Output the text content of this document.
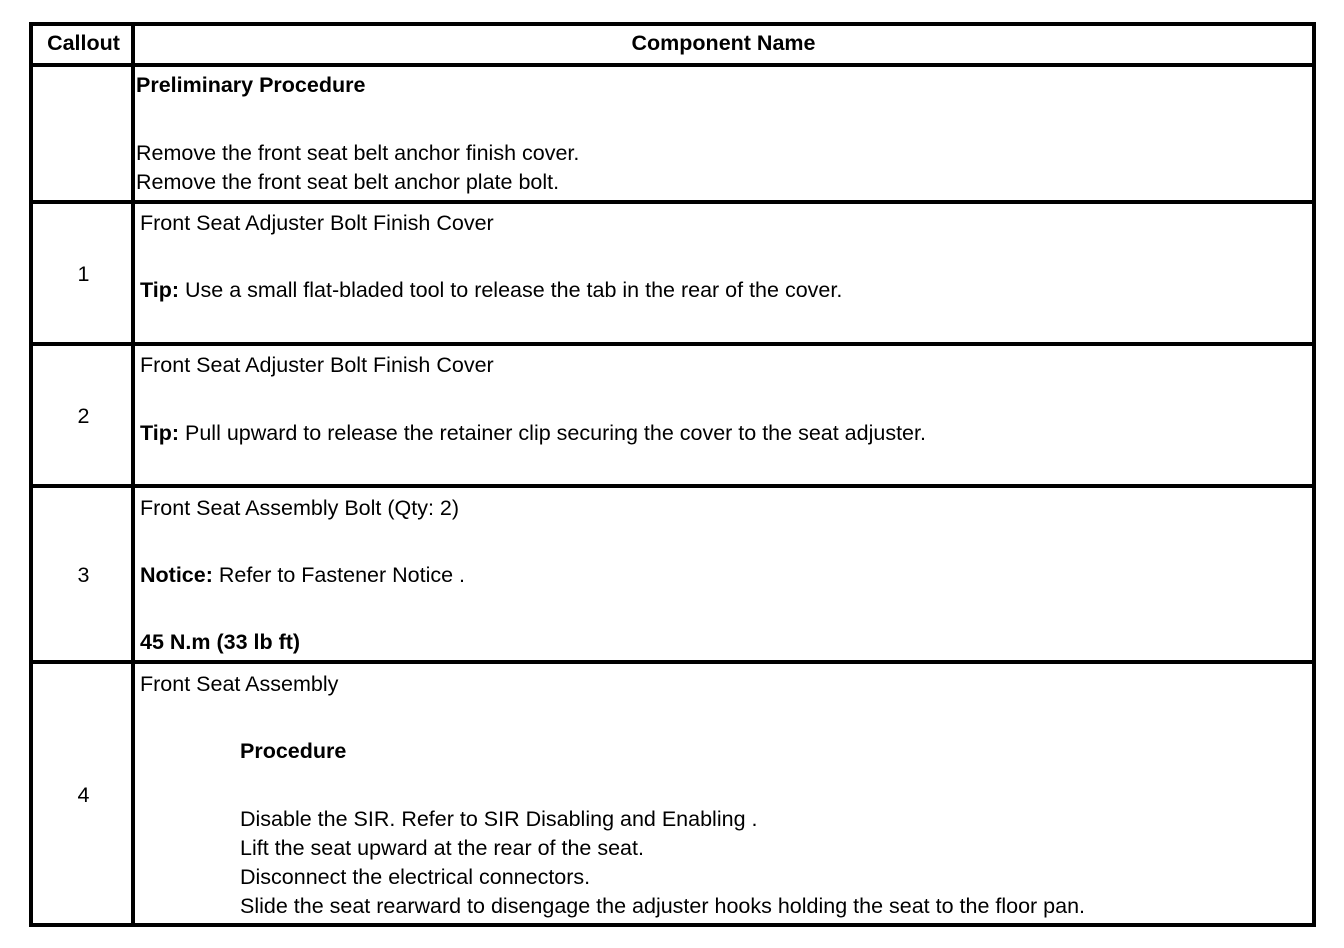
Callout	Component Name
Preliminary Procedure
Remove the front seat belt anchor finish cover.
Remove the front seat belt anchor plate bolt.
1
Front Seat Adjuster Bolt Finish Cover
Tip: Use a small flat-bladed tool to release the tab in the rear of the cover.
2
Front Seat Adjuster Bolt Finish Cover
Tip: Pull upward to release the retainer clip securing the cover to the seat adjuster.
3
Front Seat Assembly Bolt (Qty: 2)
Notice: Refer to Fastener Notice .
45 N.m (33 lb ft)
4
Front Seat Assembly
Procedure
Disable the SIR. Refer to SIR Disabling and Enabling .
Lift the seat upward at the rear of the seat.
Disconnect the electrical connectors.
Slide the seat rearward to disengage the adjuster hooks holding the seat to the floor pan.
